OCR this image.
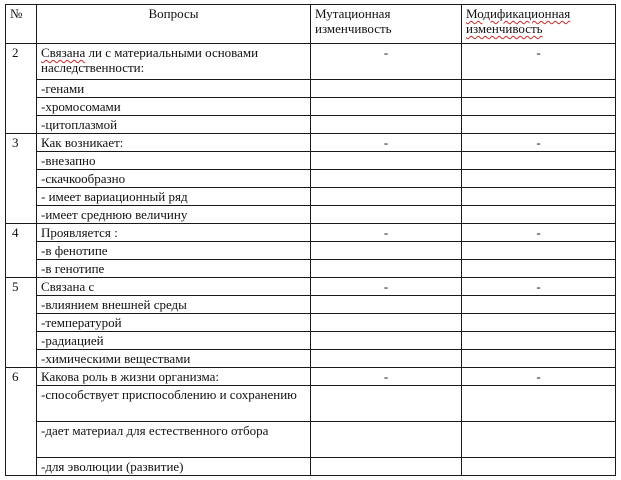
№	Вопросы	Мутационная изменчивость	Модификационная изменчивость
2	Связана ли с материальными основами наследственности:	-	-
	-генами		
	-хромосомами		
	-цитоплазмой		
3	Как возникает:	-	-
	-внезапно		
	-скачкообразно		
	- имеет вариационный ряд		
	-имеет среднюю величину		
4	Проявляется :	-	-
	-в фенотипе		
	-в генотипе		
5	Связана с	-	-
	-влиянием внешней среды		
	-температурой		
	-радиацией		
	-химическими веществами		
6	Какова роль в жизни организма:	-	-
	-способствует приспособлению и сохранению		
	-дает материал для естественного отбора		
	-для эволюции (развитие)		
